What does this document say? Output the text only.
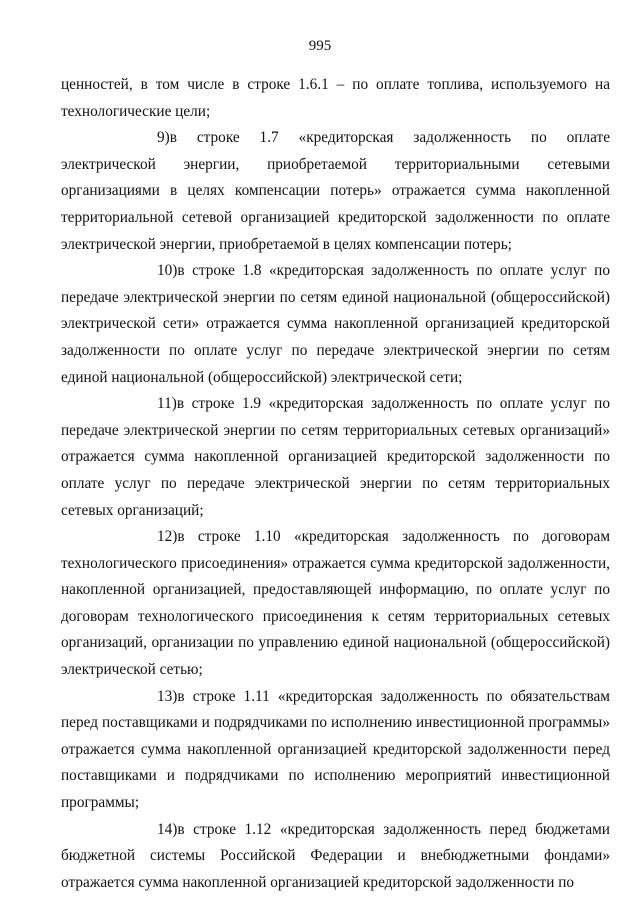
995

ценностей, в том числе в строке 1.6.1 – по оплате топлива, используемого на технологические цели;

9)в строке 1.7 «кредиторская задолженность по оплате электрической энергии, приобретаемой территориальными сетевыми организациями в целях компенсации потерь» отражается сумма накопленной территориальной сетевой организацией кредиторской задолженности по оплате электрической энергии, приобретаемой в целях компенсации потерь;

10)в строке 1.8 «кредиторская задолженность по оплате услуг по передаче электрической энергии по сетям единой национальной (общероссийской) электрической сети» отражается сумма накопленной организацией кредиторской задолженности по оплате услуг по передаче электрической энергии по сетям единой национальной (общероссийской) электрической сети;

11)в строке 1.9 «кредиторская задолженность по оплате услуг по передаче электрической энергии по сетям территориальных сетевых организаций» отражается сумма накопленной организацией кредиторской задолженности по оплате услуг по передаче электрической энергии по сетям территориальных сетевых организаций;

12)в строке 1.10 «кредиторская задолженность по договорам технологического присоединения» отражается сумма кредиторской задолженности, накопленной организацией, предоставляющей информацию, по оплате услуг по договорам технологического присоединения к сетям территориальных сетевых организаций, организации по управлению единой национальной (общероссийской) электрической сетью;

13)в строке 1.11 «кредиторская задолженность по обязательствам перед поставщиками и подрядчиками по исполнению инвестиционной программы» отражается сумма накопленной организацией кредиторской задолженности перед поставщиками и подрядчиками по исполнению мероприятий инвестиционной программы;

14)в строке 1.12 «кредиторская задолженность перед бюджетами бюджетной системы Российской Федерации и внебюджетными фондами» отражается сумма накопленной организацией кредиторской задолженности по
